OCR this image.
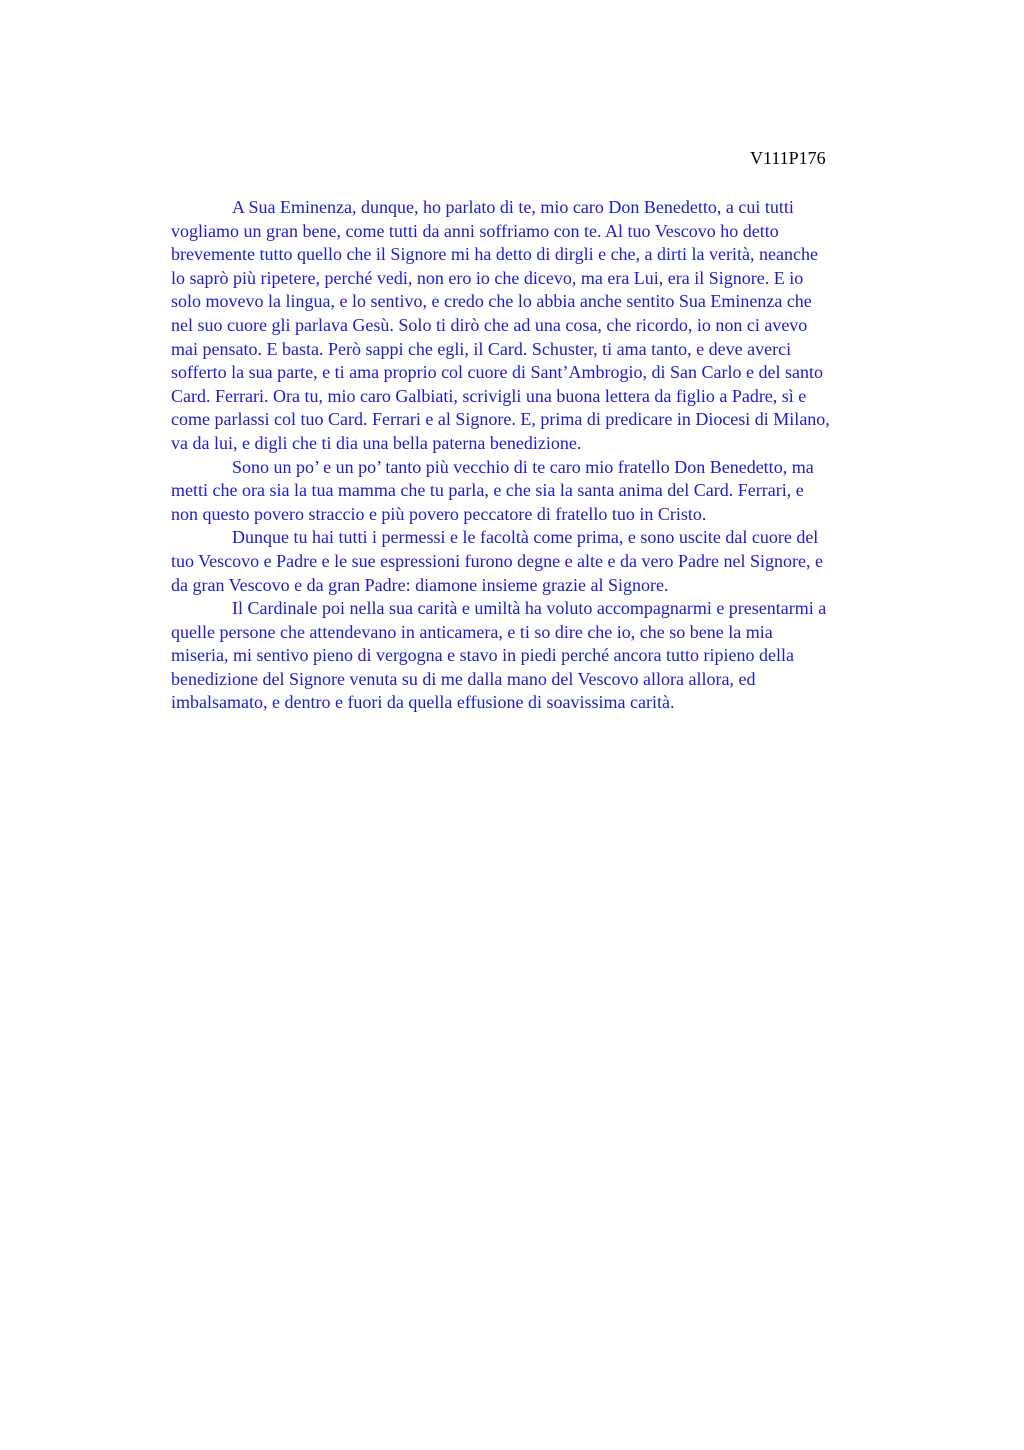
V111P176
A Sua Eminenza, dunque, ho parlato di te, mio caro Don Benedetto, a cui tutti
vogliamo un gran bene, come tutti da anni soffriamo con te. Al tuo Vescovo ho detto
brevemente tutto quello che il Signore mi ha detto di dirgli e che, a dirti la verità, neanche
lo saprò più ripetere, perché vedi, non ero io che dicevo, ma era Lui, era il Signore. E io
solo movevo la lingua, e lo sentivo, e credo che lo abbia anche sentito Sua Eminenza che
nel suo cuore gli parlava Gesù. Solo ti dirò che ad una cosa, che ricordo, io non ci avevo
mai pensato. E basta. Però sappi che egli, il Card. Schuster, ti ama tanto, e deve averci
sofferto la sua parte, e ti ama proprio col cuore di Sant’Ambrogio, di San Carlo e del santo
Card. Ferrari. Ora tu, mio caro Galbiati, scrivigli una buona lettera da figlio a Padre, sì e
come parlassi col tuo Card. Ferrari e al Signore. E, prima di predicare in Diocesi di Milano,
va da lui, e digli che ti dia una bella paterna benedizione.
Sono un po’ e un po’ tanto più vecchio di te caro mio fratello Don Benedetto, ma
metti che ora sia la tua mamma che tu parla, e che sia la santa anima del Card. Ferrari, e
non questo povero straccio e più povero peccatore di fratello tuo in Cristo.
Dunque tu hai tutti i permessi e le facoltà come prima, e sono uscite dal cuore del
tuo Vescovo e Padre e le sue espressioni furono degne e alte e da vero Padre nel Signore, e
da gran Vescovo e da gran Padre: diamone insieme grazie al Signore.
Il Cardinale poi nella sua carità e umiltà ha voluto accompagnarmi e presentarmi a
quelle persone che attendevano in anticamera, e ti so dire che io, che so bene la mia
miseria, mi sentivo pieno di vergogna e stavo in piedi perché ancora tutto ripieno della
benedizione del Signore venuta su di me dalla mano del Vescovo allora allora, ed
imbalsamato, e dentro e fuori da quella effusione di soavissima carità.
